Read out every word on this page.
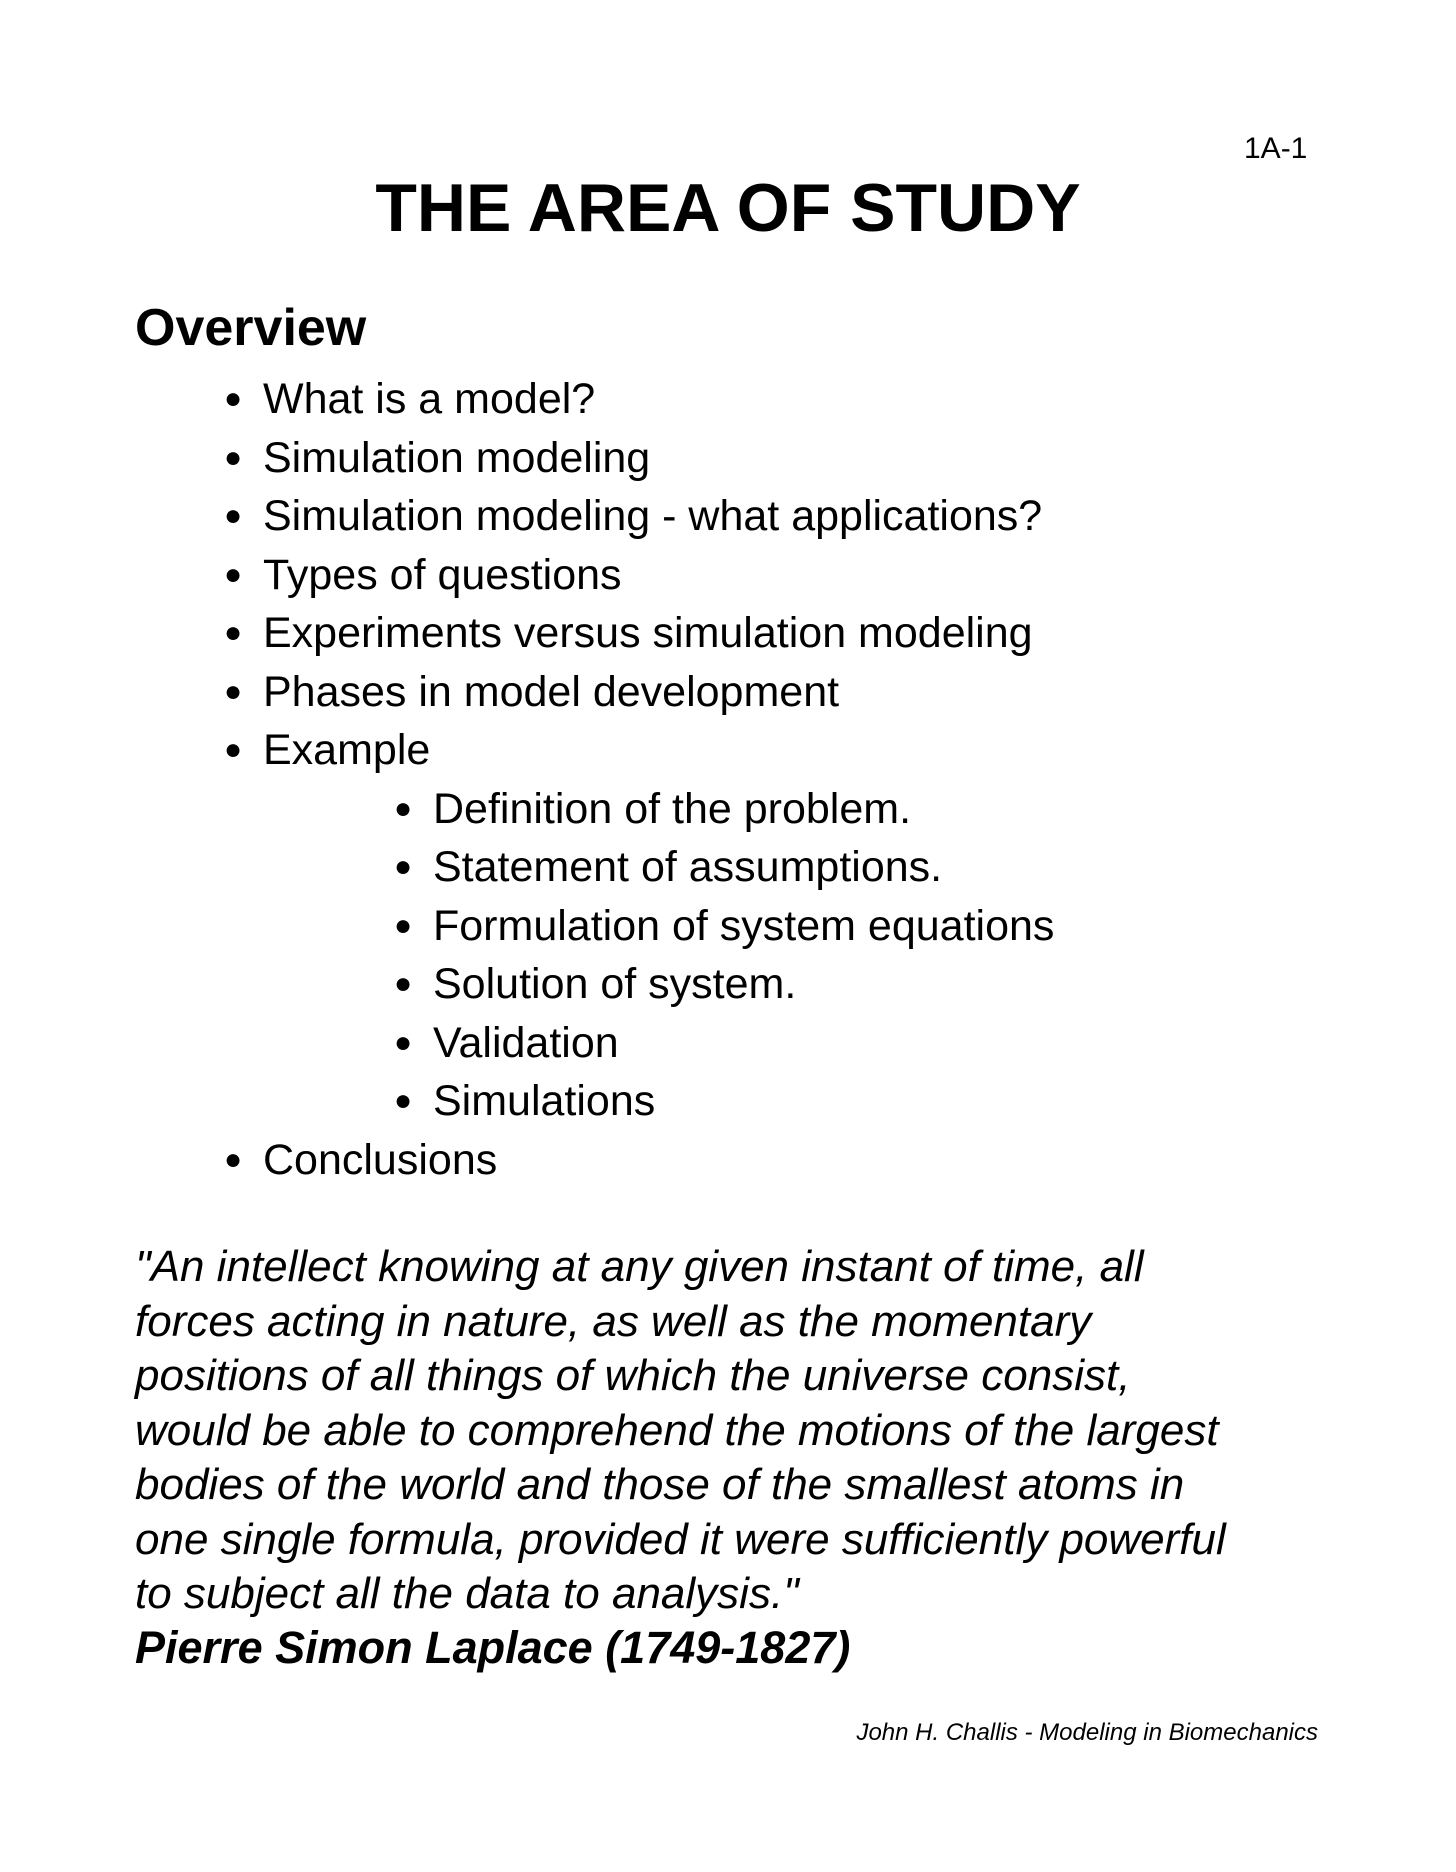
1A-1
THE AREA OF STUDY
Overview
● What is a model?
● Simulation modeling
● Simulation modeling - what applications?
● Types of questions
● Experiments versus simulation modeling
● Phases in model development
● Example
● Definition of the problem.
● Statement of assumptions.
● Formulation of system equations
● Solution of system.
● Validation
● Simulations
● Conclusions
"An intellect knowing at any given instant of time, all
forces acting in nature, as well as the momentary
positions of all things of which the universe consist,
would be able to comprehend the motions of the largest
bodies of the world and those of the smallest atoms in
one single formula, provided it were sufficiently powerful
to subject all the data to analysis."
Pierre Simon Laplace (1749-1827)
John H. Challis - Modeling in Biomechanics
